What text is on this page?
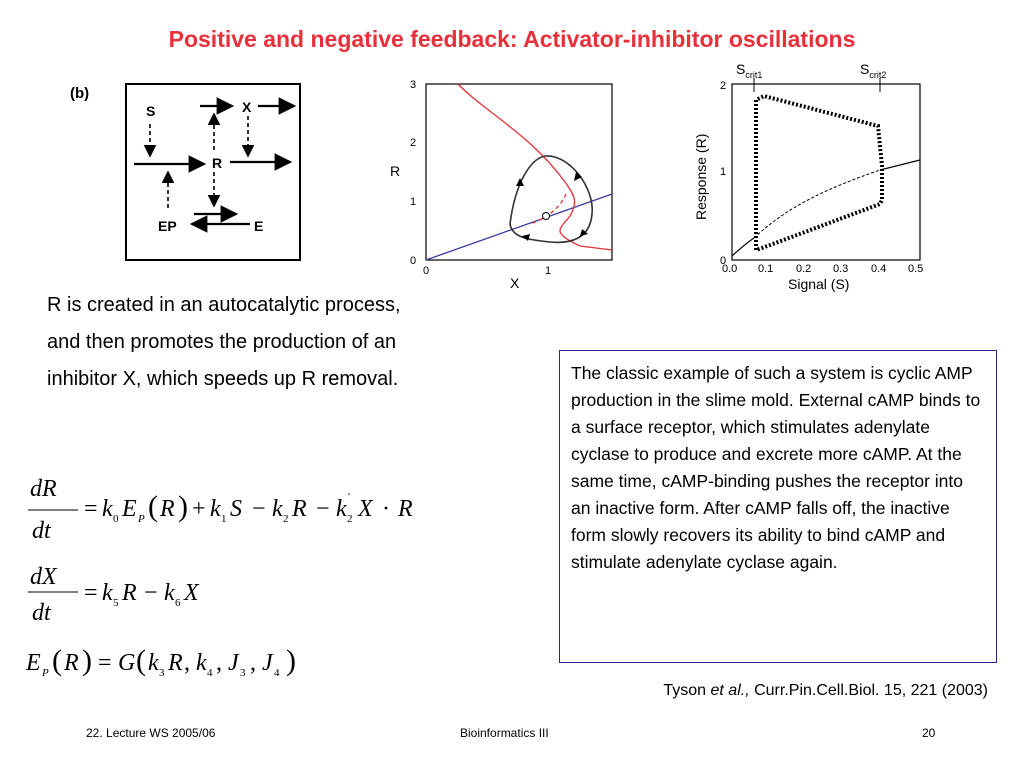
Positive and negative feedback: Activator-inhibitor oscillations
(b)
S	X
R
EP	E
0
1
2
3
0	1
R
X
0
1
2
0.0 0.1 0.2 0.3 0.4 0.5
Signal (S)
Response (R)
$S_{crit1}$	$S_{crit2}$
R is created in an autocatalytic process, and then promotes the production of an inhibitor X, which speeds up R removal.
dR
dt
= k 0 E P ( R ) + k 1 S − k 2 R − k 2
' X · R
dX
dt
= k 5 R − k 6 X
E P ( R ) = G ( k 3 R , k 4 , J 3 , J 4 )
The classic example of such a system is cyclic AMP production in the slime mold. External cAMP binds to a surface receptor, which stimulates adenylate cyclase to produce and excrete more cAMP. At the same time, cAMP-binding pushes the receptor into an inactive form. After cAMP falls off, the inactive form slowly recovers its ability to bind cAMP and stimulate adenylate cyclase again.
Tyson et al., Curr.Pin.Cell.Biol. 15, 221 (2003)
22. Lecture WS 2005/06	Bioinformatics III	20
